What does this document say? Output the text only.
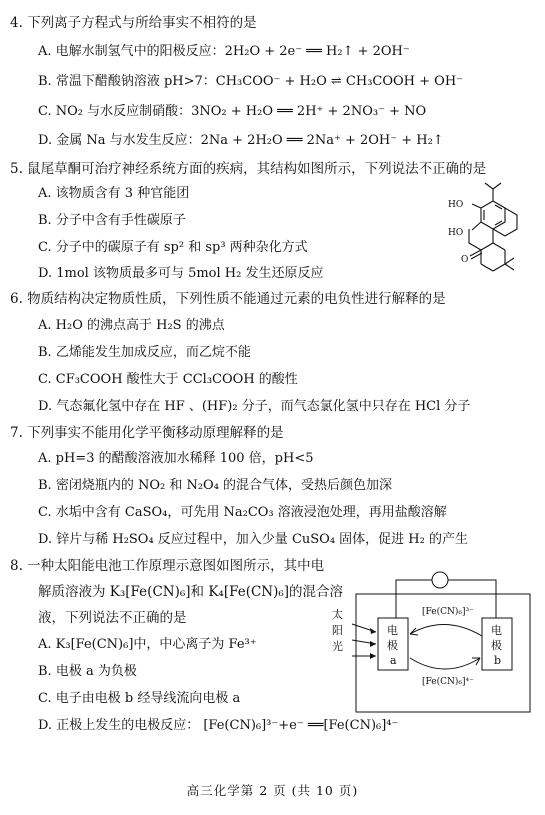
4. 下列离子方程式与所给事实不相符的是
A. 电解水制氢气中的阳极反应：2H₂O + 2e⁻ ══ H₂↑ + 2OH⁻
B. 常温下醋酸钠溶液 pH>7：CH₃COO⁻ + H₂O ⇌ CH₃COOH + OH⁻
C. NO₂ 与水反应制硝酸：3NO₂ + H₂O ══ 2H⁺ + 2NO₃⁻ + NO
D. 金属 Na 与水发生反应：2Na + 2H₂O ══ 2Na⁺ + 2OH⁻ + H₂↑
5. 鼠尾草酮可治疗神经系统方面的疾病，其结构如图所示，下列说法不正确的是
A. 该物质含有 3 种官能团
B. 分子中含有手性碳原子
C. 分子中的碳原子有 sp² 和 sp³ 两种杂化方式
D. 1mol 该物质最多可与 5mol H₂ 发生还原反应
HO
HO
O
6. 物质结构决定物质性质，下列性质不能通过元素的电负性进行解释的是
A. H₂O 的沸点高于 H₂S 的沸点
B. 乙烯能发生加成反应，而乙烷不能
C. CF₃COOH 酸性大于 CCl₃COOH 的酸性
D. 气态氟化氢中存在 HF 、(HF)₂ 分子，而气态氯化氢中只存在 HCl 分子
7. 下列事实不能用化学平衡移动原理解释的是
A. pH=3 的醋酸溶液加水稀释 100 倍，pH<5
B. 密闭烧瓶内的 NO₂ 和 N₂O₄ 的混合气体，受热后颜色加深
C. 水垢中含有 CaSO₄，可先用 Na₂CO₃ 溶液浸泡处理，再用盐酸溶解
D. 锌片与稀 H₂SO₄ 反应过程中，加入少量 CuSO₄ 固体，促进 H₂ 的产生
8. 一种太阳能电池工作原理示意图如图所示，其中电
解质溶液为 K₃[Fe(CN)₆]和 K₄[Fe(CN)₆]的混合溶
液，下列说法不正确的是
A. K₃[Fe(CN)₆]中，中心离子为 Fe³⁺
B. 电极 a 为负极
C. 电子由电极 b 经导线流向电极 a
D. 正极上发生的电极反应： [Fe(CN)₆]³⁻+e⁻ ══[Fe(CN)₆]⁴⁻
⊗
太
阳
光
电
极
a
电
极
b
[Fe(CN)₆]³⁻
[Fe(CN)₆]⁴⁻
高三化学第 2 页 (共 10 页)
